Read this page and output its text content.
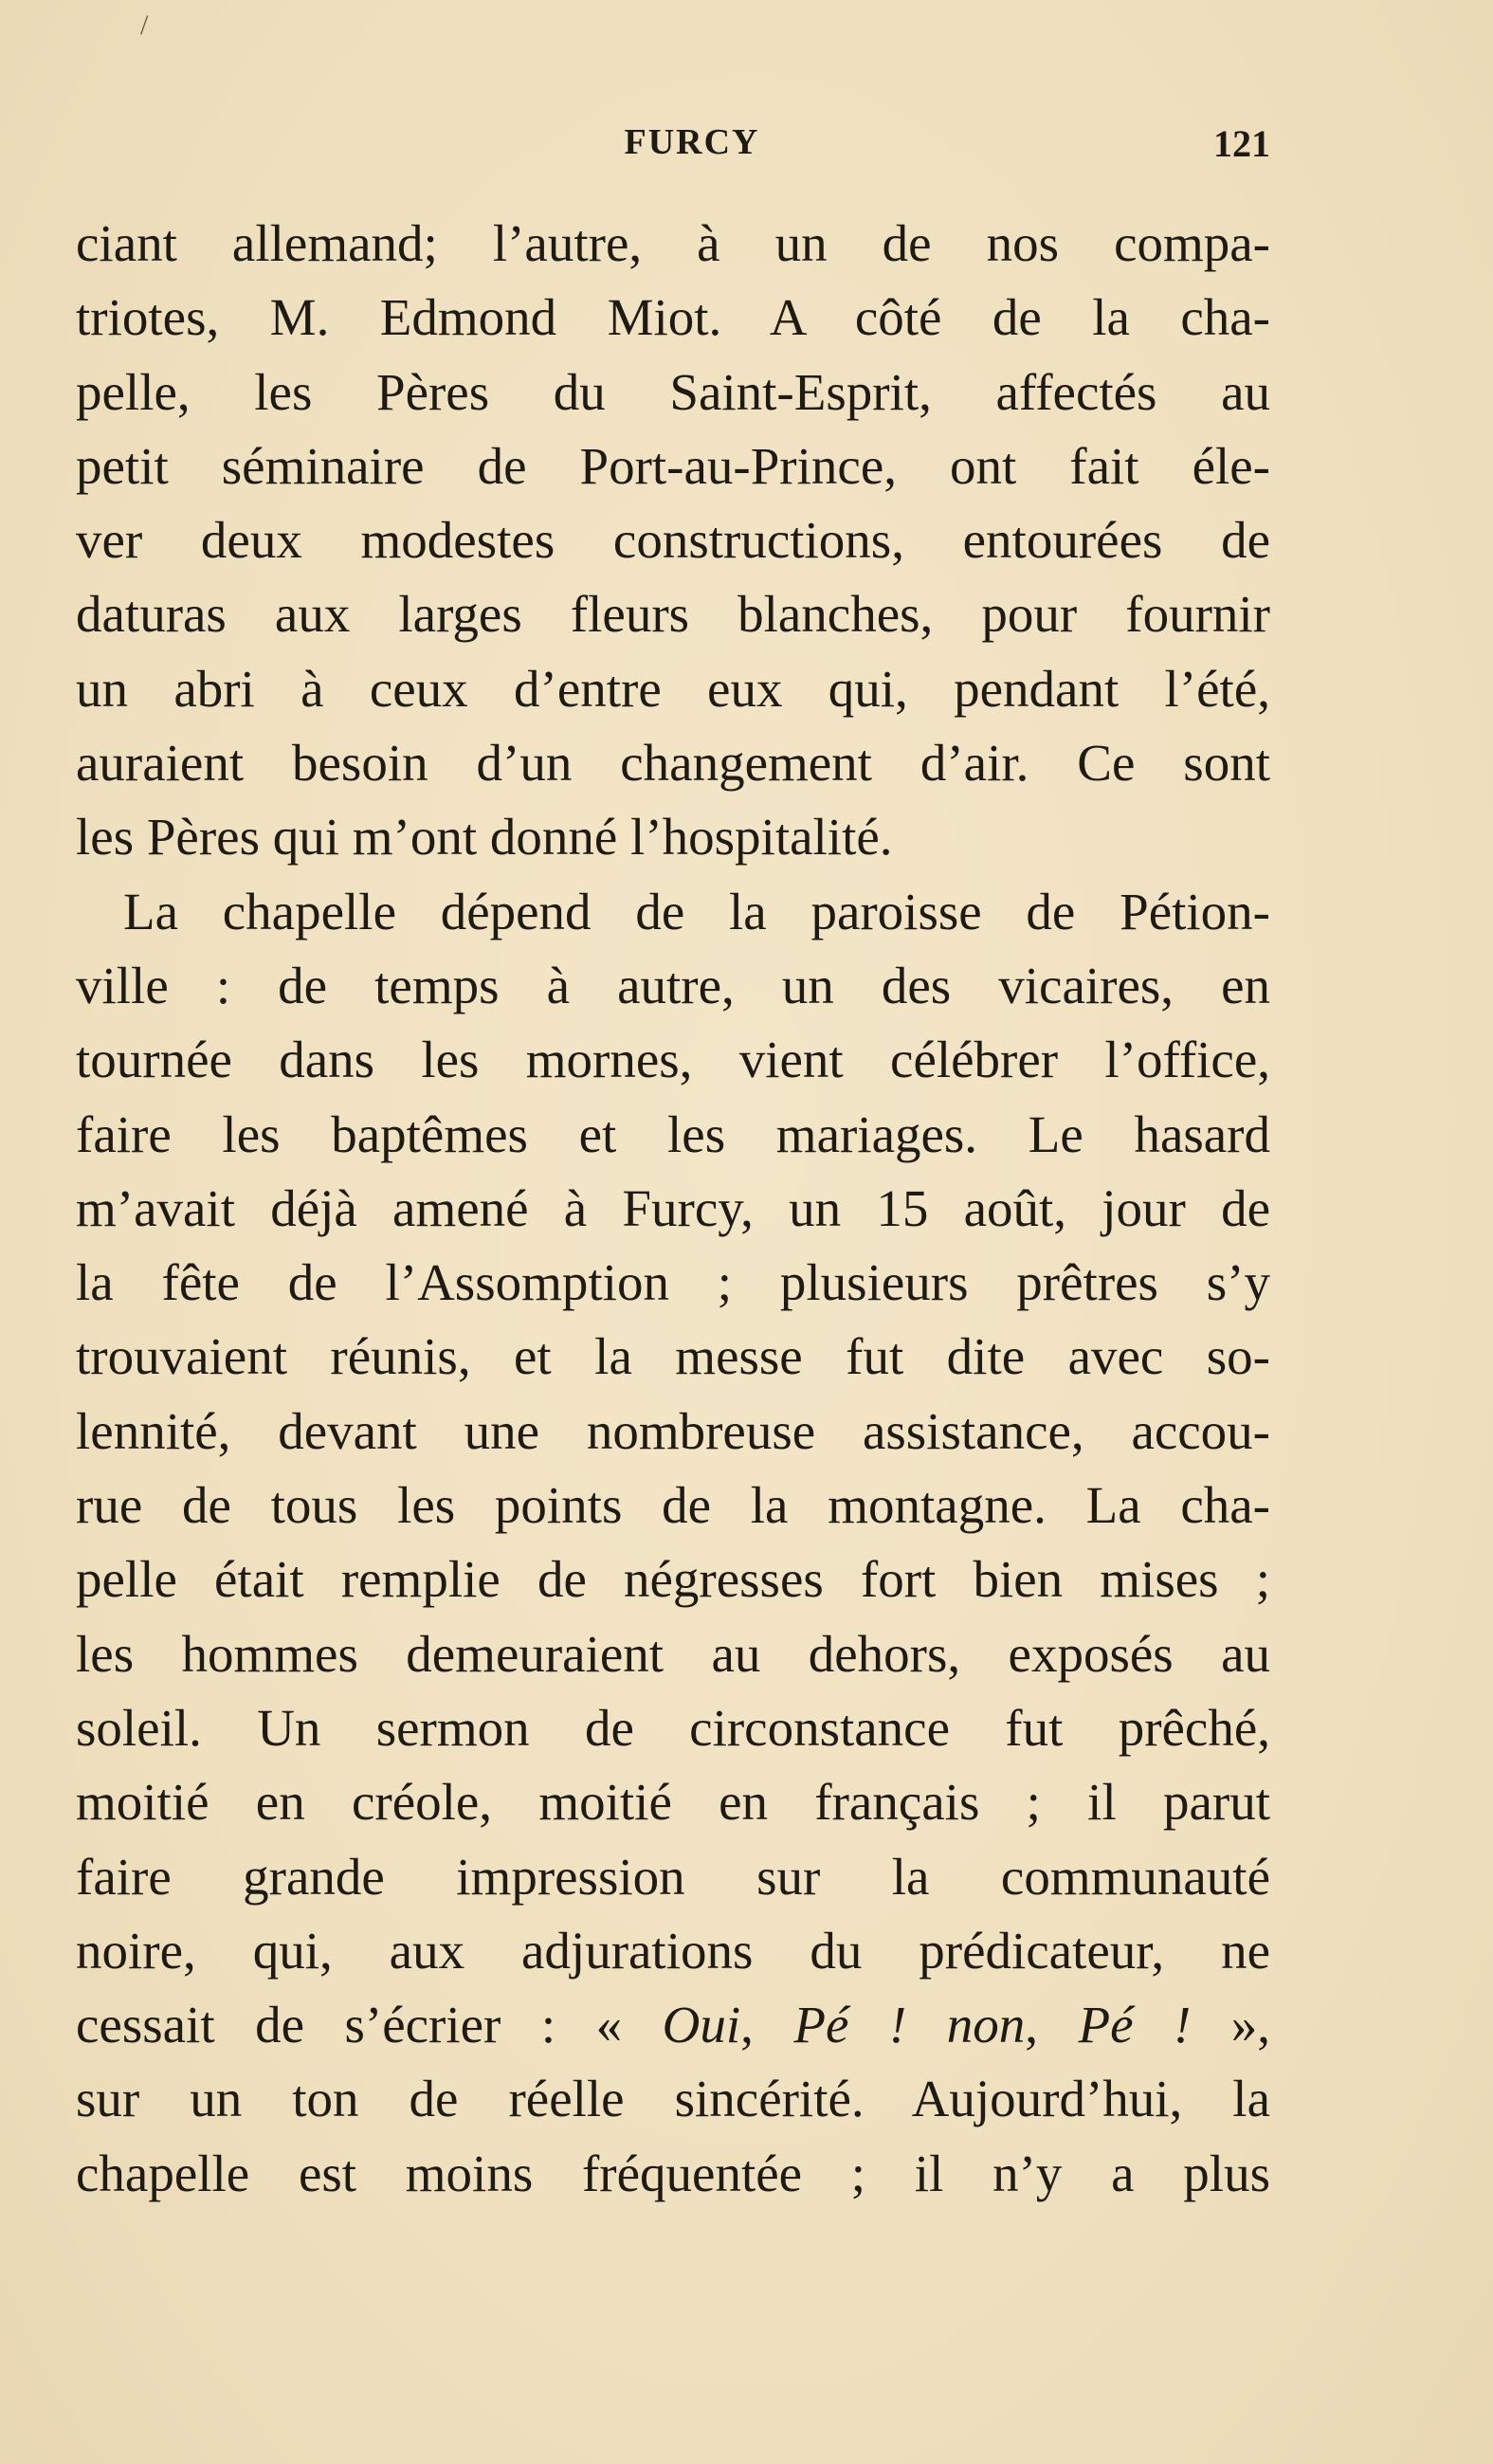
/
FURCY	121
ciant allemand; l’autre, à un de nos compa-
triotes, M. Edmond Miot. A côté de la cha-
pelle, les Pères du Saint-Esprit, affectés au
petit séminaire de Port-au-Prince, ont fait éle-
ver deux modestes constructions, entourées de
daturas aux larges fleurs blanches, pour fournir
un abri à ceux d’entre eux qui, pendant l’été,
auraient besoin d’un changement d’air. Ce sont
les Pères qui m’ont donné l’hospitalité.
La chapelle dépend de la paroisse de Pétion-
ville : de temps à autre, un des vicaires, en
tournée dans les mornes, vient célébrer l’office,
faire les baptêmes et les mariages. Le hasard
m’avait déjà amené à Furcy, un 15 août, jour de
la fête de l’Assomption ; plusieurs prêtres s’y
trouvaient réunis, et la messe fut dite avec so-
lennité, devant une nombreuse assistance, accou-
rue de tous les points de la montagne. La cha-
pelle était remplie de négresses fort bien mises ;
les hommes demeuraient au dehors, exposés au
soleil. Un sermon de circonstance fut prêché,
moitié en créole, moitié en français ; il parut
faire grande impression sur la communauté
noire, qui, aux adjurations du prédicateur, ne
cessait de s’écrier : « Oui, Pé ! non, Pé ! »,
sur un ton de réelle sincérité. Aujourd’hui, la
chapelle est moins fréquentée ; il n’y a plus
